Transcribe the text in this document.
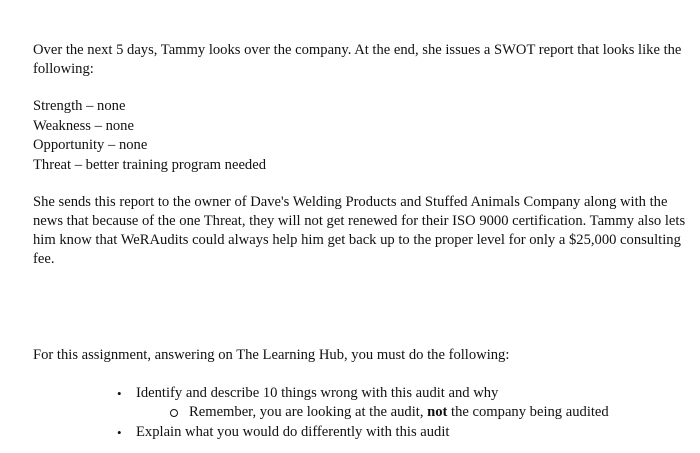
Over the next 5 days, Tammy looks over the company. At the end, she issues a SWOT report that looks like the following:

Strength – none
Weakness – none
Opportunity – none
Threat – better training program needed

She sends this report to the owner of Dave's Welding Products and Stuffed Animals Company along with the news that because of the one Threat, they will not get renewed for their ISO 9000 certification. Tammy also lets him know that WeRAudits could always help him get back up to the proper level for only a $25,000 consulting fee.

For this assignment, answering on The Learning Hub, you must do the following:

• Identify and describe 10 things wrong with this audit and why
Remember, you are looking at the audit, not the company being audited
• Explain what you would do differently with this audit
